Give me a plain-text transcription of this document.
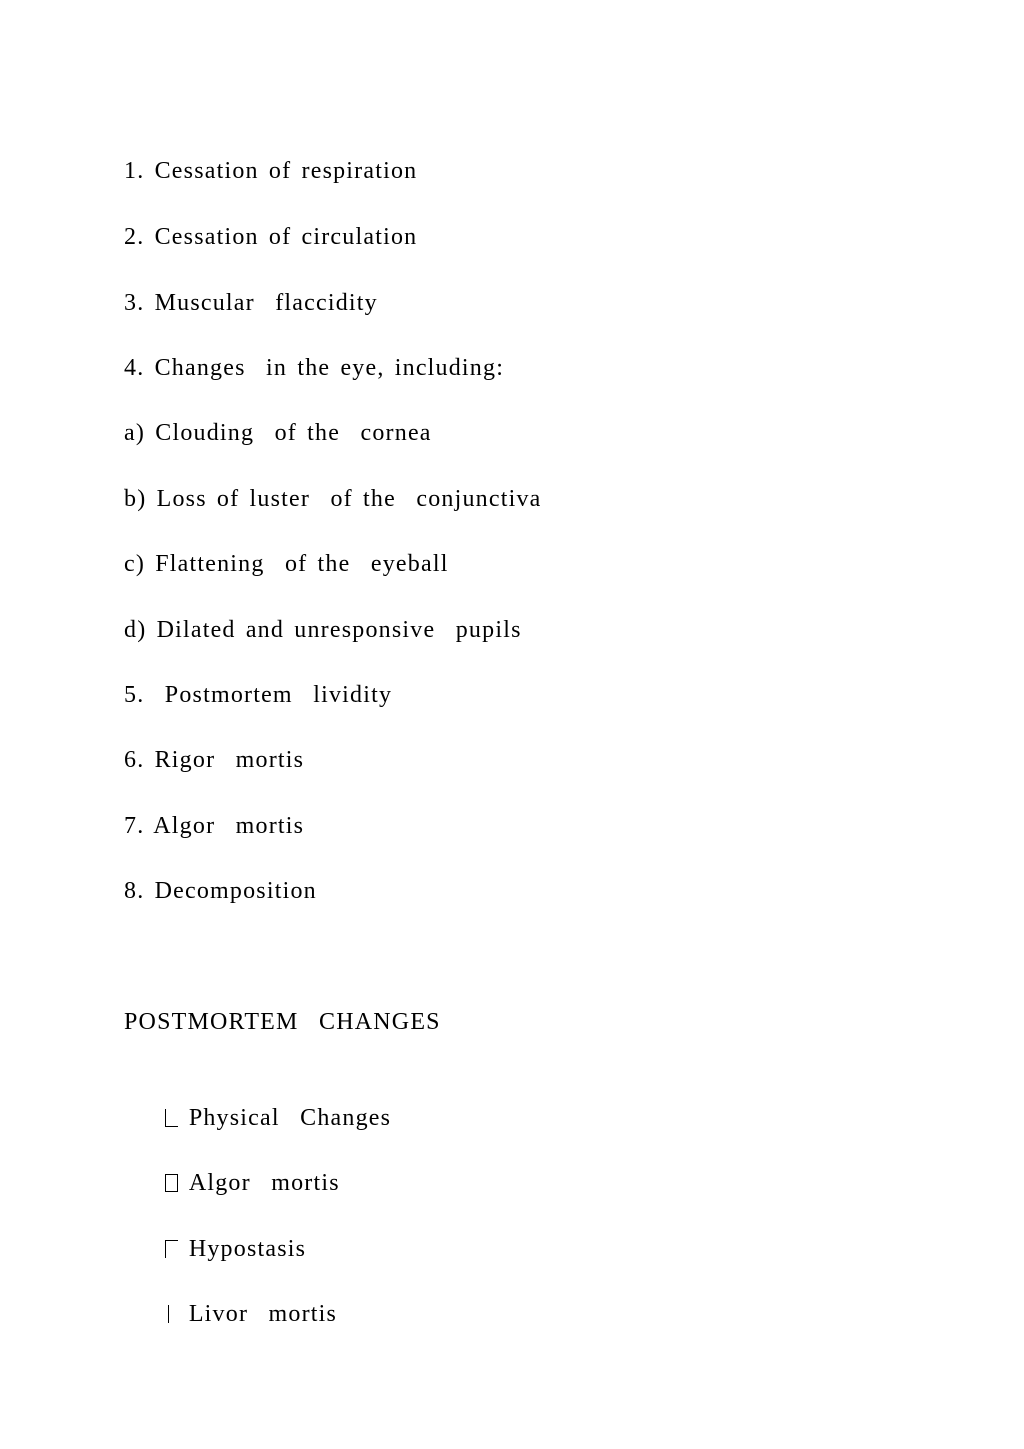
1. Cessation of respiration
2. Cessation of circulation
3. Muscular  flaccidity
4. Changes  in the eye, including:
a) Clouding  of the  cornea
b) Loss of luster  of the  conjunctiva
c) Flattening  of the  eyeball
d) Dilated and unresponsive  pupils
5.  Postmortem  lividity
6. Rigor  mortis
7. Algor  mortis
8. Decomposition
POSTMORTEM  CHANGES

Physical  Changes

Algor  mortis

Hypostasis

Livor  mortis
